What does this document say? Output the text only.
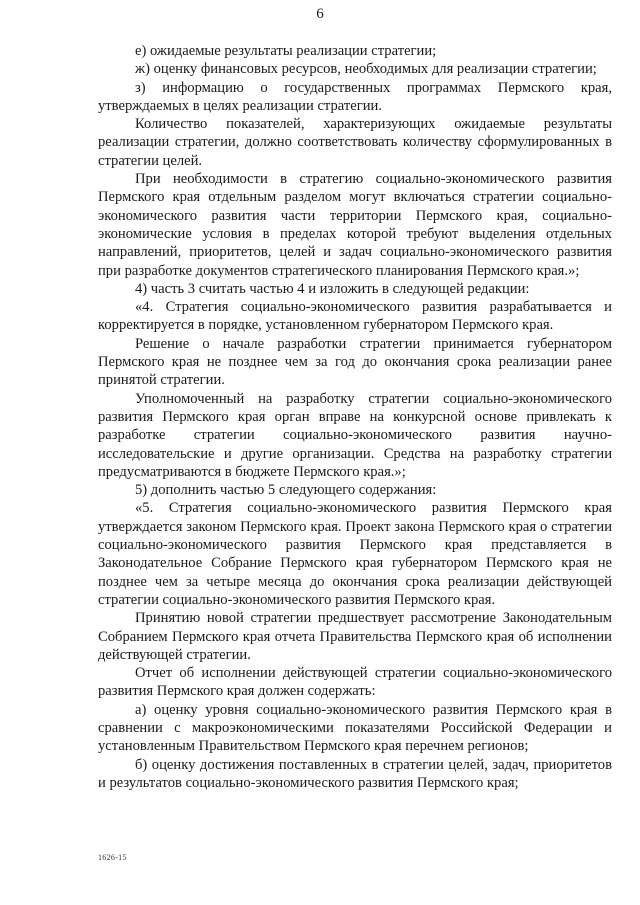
6

е) ожидаемые результаты реализации стратегии;

ж) оценку финансовых ресурсов, необходимых для реализации стратегии;

з) информацию о государственных программах Пермского края, утверждаемых в целях реализации стратегии.

Количество показателей, характеризующих ожидаемые результаты реализации стратегии, должно соответствовать количеству сформулированных в стратегии целей.

При необходимости в стратегию социально-экономического развития Пермского края отдельным разделом могут включаться стратегии социально-экономического развития части территории Пермского края, социально-экономические условия в пределах которой требуют выделения отдельных направлений, приоритетов, целей и задач социально-экономического развития при разработке документов стратегического планирования Пермского края.»;

4) часть 3 считать частью 4 и изложить в следующей редакции:

«4. Стратегия социально-экономического развития разрабатывается и корректируется в порядке, установленном губернатором Пермского края.

Решение о начале разработки стратегии принимается губернатором Пермского края не позднее чем за год до окончания срока реализации ранее принятой стратегии.

Уполномоченный на разработку стратегии социально-экономического развития Пермского края орган вправе на конкурсной основе привлекать к разработке стратегии социально-экономического развития научно-исследовательские и другие организации. Средства на разработку стратегии предусматриваются в бюджете Пермского края.»;

5) дополнить частью 5 следующего содержания:

«5. Стратегия социально-экономического развития Пермского края утверждается законом Пермского края. Проект закона Пермского края о стратегии социально-экономического развития Пермского края представляется в Законодательное Собрание Пермского края губернатором Пермского края не позднее чем за четыре месяца до окончания срока реализации действующей стратегии социально-экономического развития Пермского края.

Принятию новой стратегии предшествует рассмотрение Законодательным Собранием Пермского края отчета Правительства Пермского края об исполнении действующей стратегии.

Отчет об исполнении действующей стратегии социально-экономического развития Пермского края должен содержать:

а) оценку уровня социально-экономического развития Пермского края в сравнении с макроэкономическими показателями Российской Федерации и установленным Правительством Пермского края перечнем регионов;

б) оценку достижения поставленных в стратегии целей, задач, приоритетов и результатов социально-экономического развития Пермского края;

1626-15
